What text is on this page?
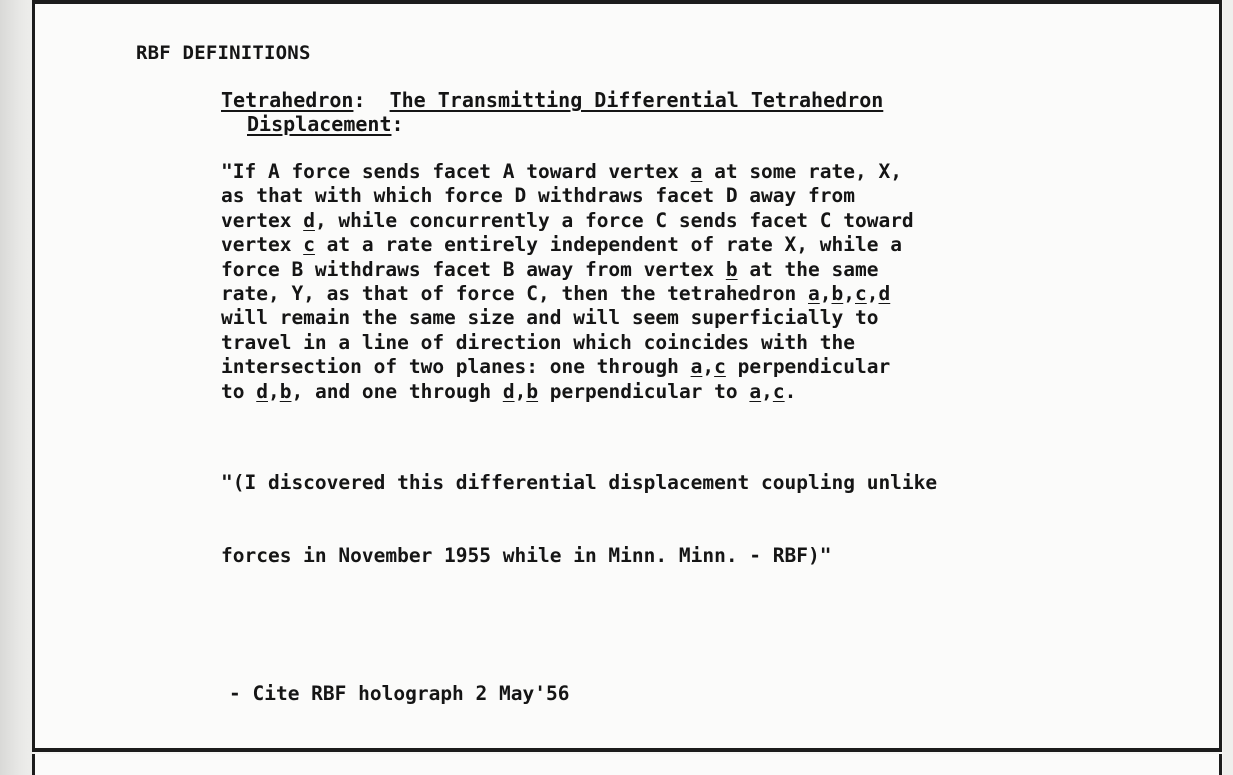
RBF DEFINITIONS
Tetrahedron: The Transmitting Differential Tetrahedron
Displacement:
"If A force sends facet A toward vertex a at some rate, X,
as that with which force D withdraws facet D away from
vertex d, while concurrently a force C sends facet C toward
vertex c at a rate entirely independent of rate X, while a
force B withdraws facet B away from vertex b at the same
rate, Y, as that of force C, then the tetrahedron a,b,c,d
will remain the same size and will seem superficially to
travel in a line of direction which coincides with the
intersection of two planes: one through a,c perpendicular
to d,b, and one through d,b perpendicular to a,c.

"(I discovered this differential displacement coupling unlike

forces in November 1955 while in Minn. Minn. - RBF)"

- Cite RBF holograph 2 May'56
